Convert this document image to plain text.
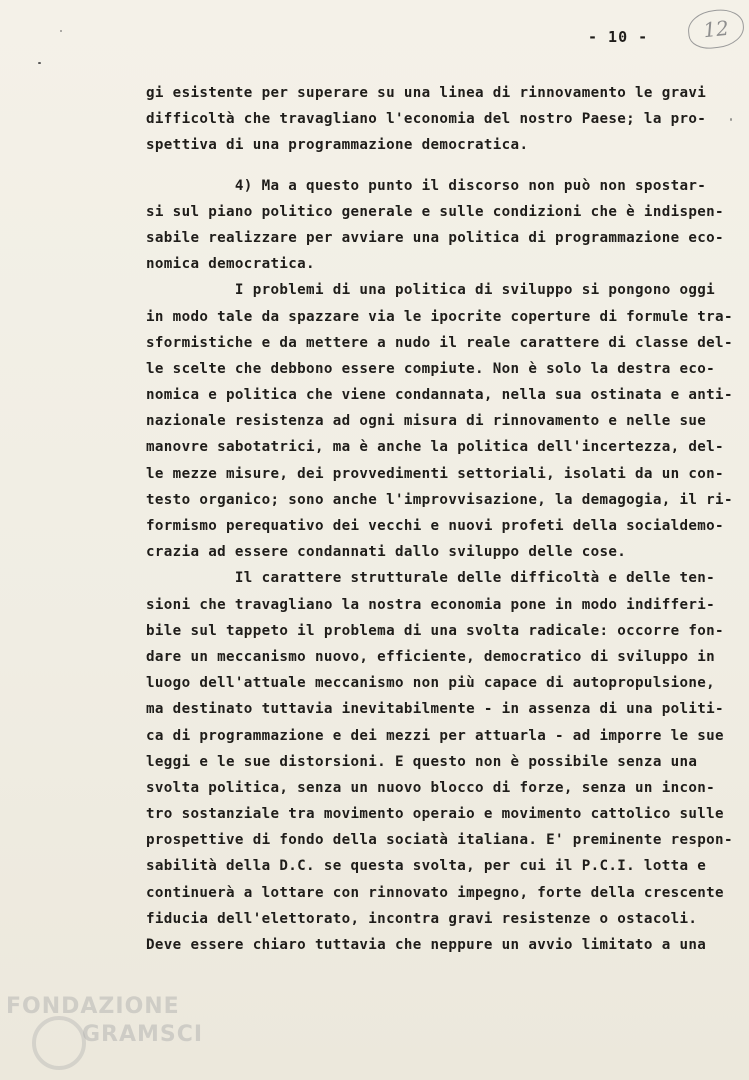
- 10 -	12
gi esistente per superare su una linea di rinnovamento le gravi
difficoltà che travagliano l'economia del nostro Paese; la pro-
spettiva di una programmazione democratica.
4) Ma a questo punto il discorso non può non spostar-
si sul piano politico generale e sulle condizioni che è indispen-
sabile realizzare per avviare una politica di programmazione eco-
nomica democratica.
I problemi di una politica di sviluppo si pongono oggi
in modo tale da spazzare via le ipocrite coperture di formule tra-
sformistiche e da mettere a nudo il reale carattere di classe del-
le scelte che debbono essere compiute. Non è solo la destra eco-
nomica e politica che viene condannata, nella sua ostinata e anti-
nazionale resistenza ad ogni misura di rinnovamento e nelle sue
manovre sabotatrici, ma è anche la politica dell'incertezza, del-
le mezze misure, dei provvedimenti settoriali, isolati da un con-
testo organico; sono anche l'improvvisazione, la demagogia, il ri-
formismo perequativo dei vecchi e nuovi profeti della socialdemo-
crazia ad essere condannati dallo sviluppo delle cose.
Il carattere strutturale delle difficoltà e delle ten-
sioni che travagliano la nostra economia pone in modo indifferi-
bile sul tappeto il problema di una svolta radicale: occorre fon-
dare un meccanismo nuovo, efficiente, democratico di sviluppo in
luogo dell'attuale meccanismo non più capace di autopropulsione,
ma destinato tuttavia inevitabilmente - in assenza di una politi-
ca di programmazione e dei mezzi per attuarla - ad imporre le sue
leggi e le sue distorsioni. E questo non è possibile senza una
svolta politica, senza un nuovo blocco di forze, senza un incon-
tro sostanziale tra movimento operaio e movimento cattolico sulle
prospettive di fondo della sociatà italiana. E' preminente respon-
sabilità della D.C. se questa svolta, per cui il P.C.I. lotta e
continuerà a lottare con rinnovato impegno, forte della crescente
fiducia dell'elettorato, incontra gravi resistenze o ostacoli.
Deve essere chiaro tuttavia che neppure un avvio limitato a una
FONDAZIONE
GRAMSCI
